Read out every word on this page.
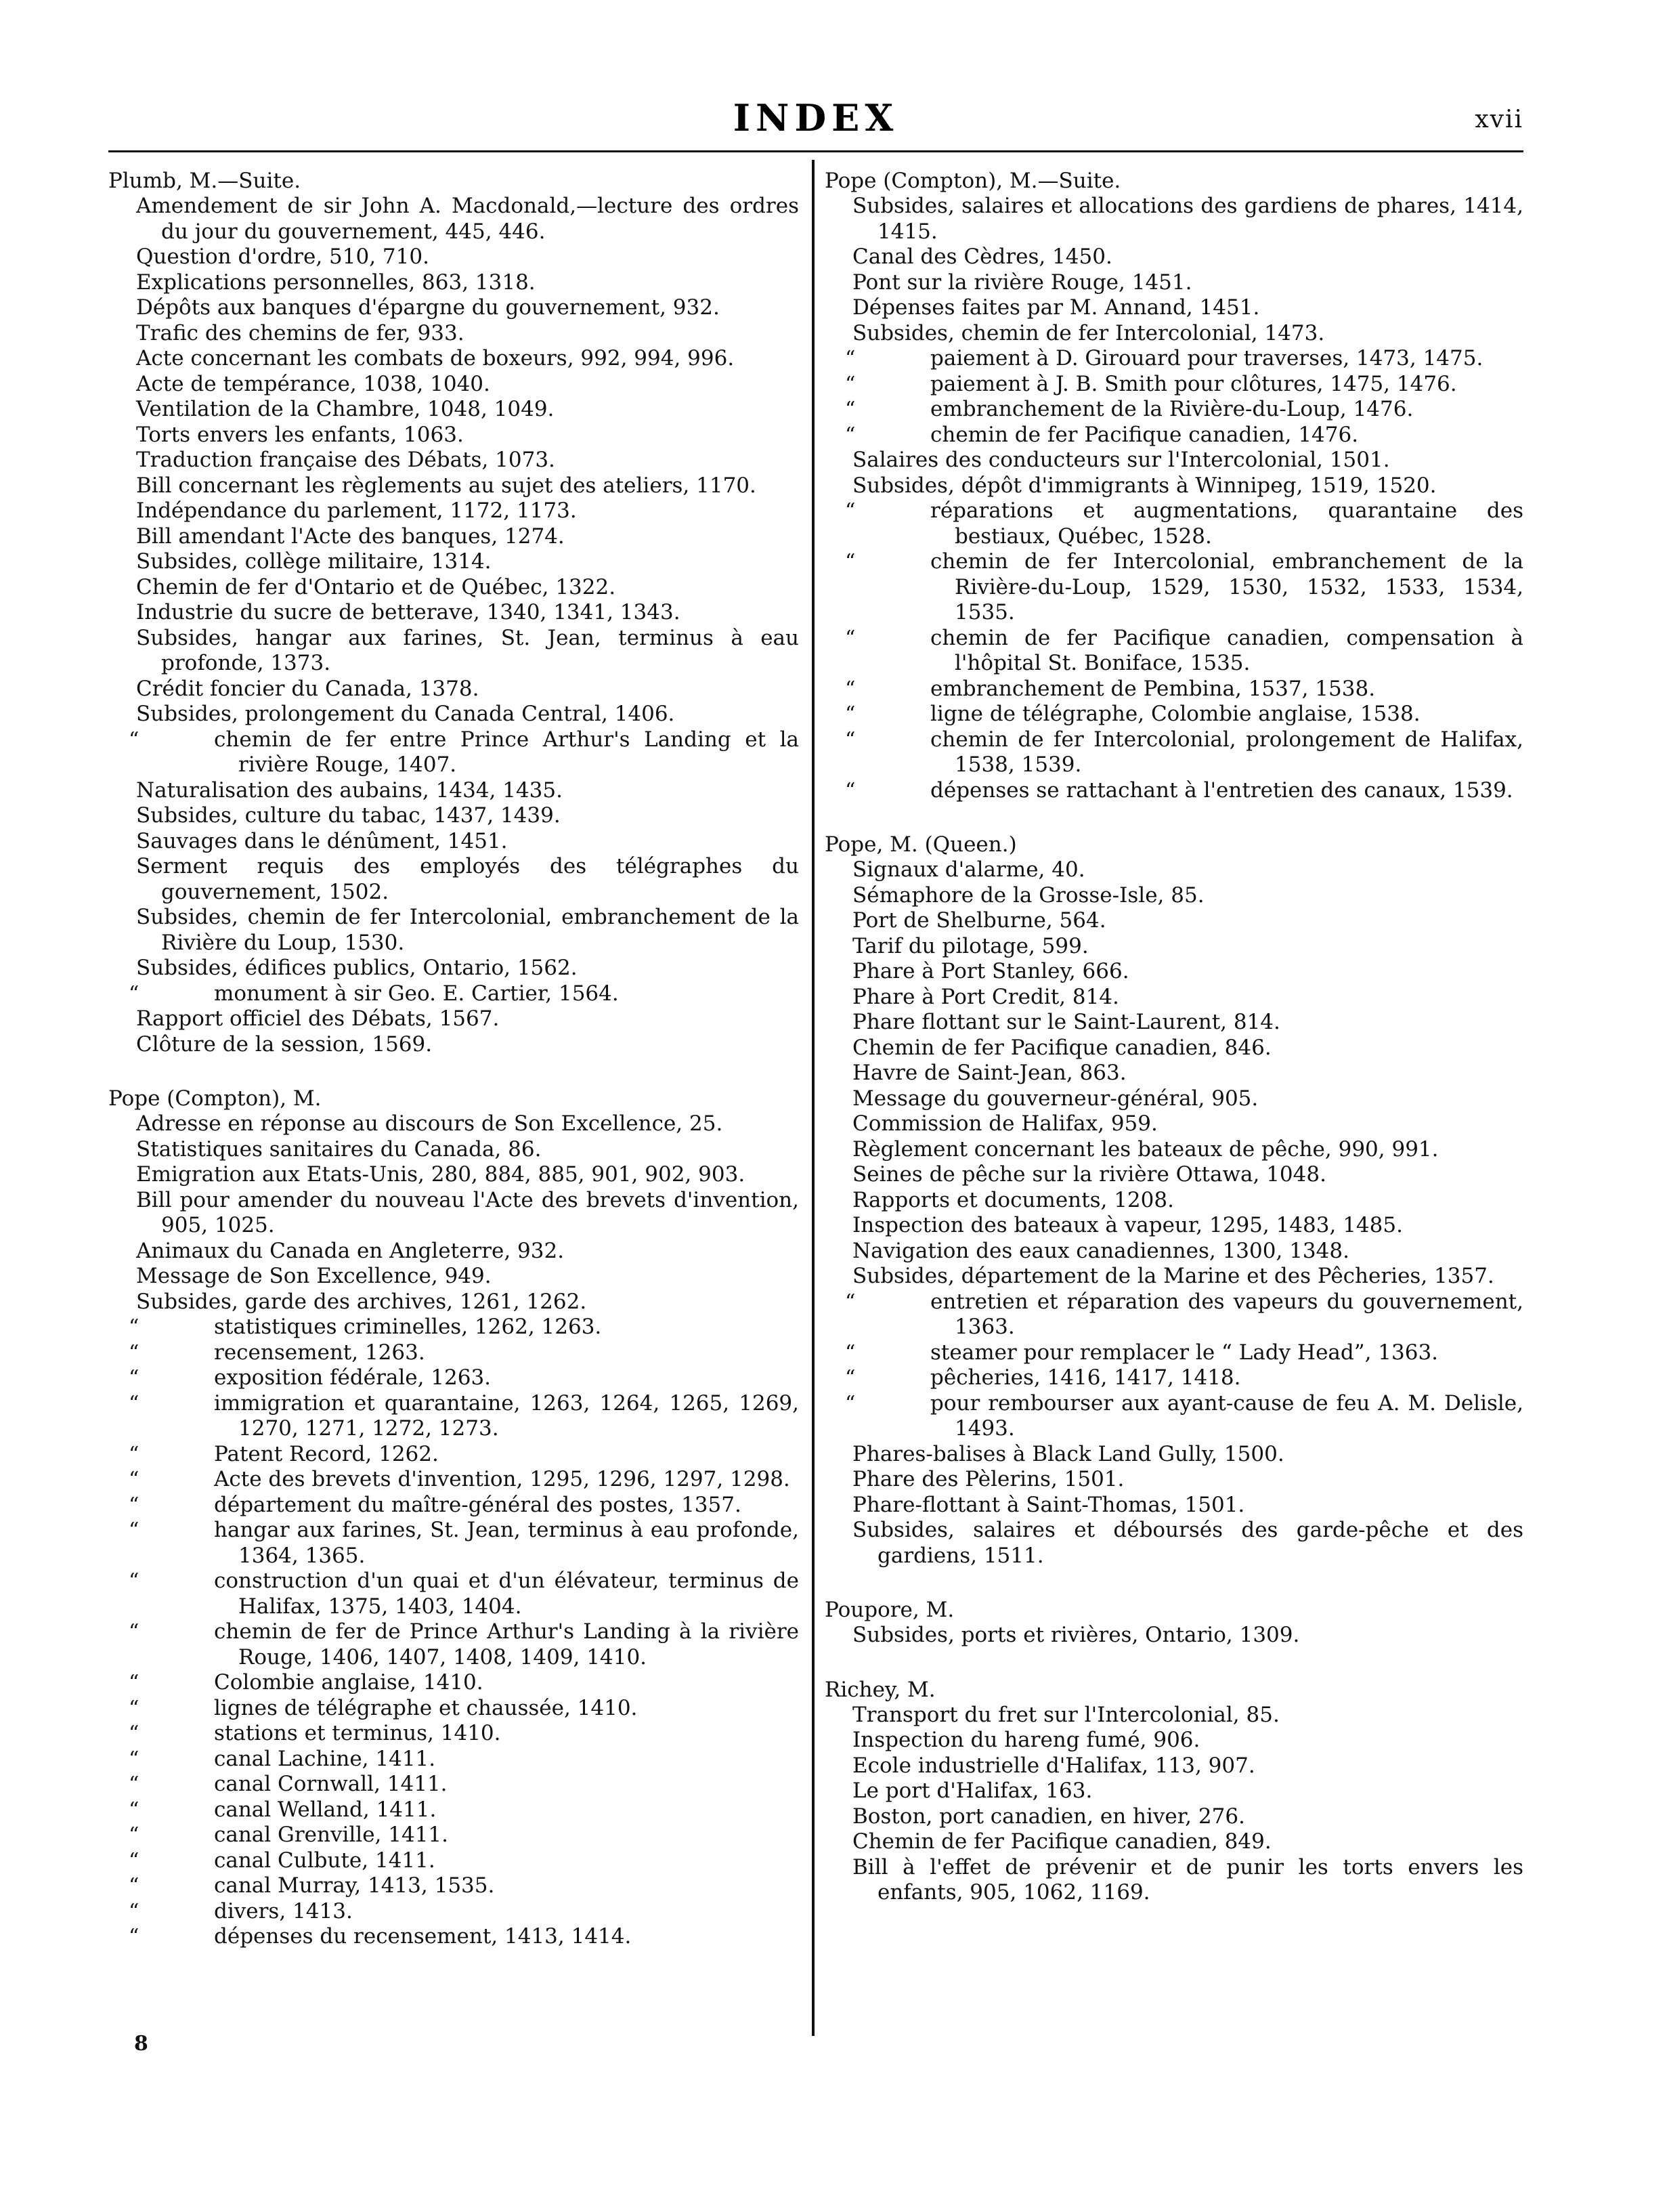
INDEX	xvii
Plumb, M.—Suite.
Amendement de sir John A. Macdonald,—lecture des ordres du jour du gouvernement, 445, 446.
Question d'ordre, 510, 710.
Explications personnelles, 863, 1318.
Dépôts aux banques d'épargne du gouvernement, 932.
Trafic des chemins de fer, 933.
Acte concernant les combats de boxeurs, 992, 994, 996.
Acte de tempérance, 1038, 1040.
Ventilation de la Chambre, 1048, 1049.
Torts envers les enfants, 1063.
Traduction française des Débats, 1073.
Bill concernant les règlements au sujet des ateliers, 1170.
Indépendance du parlement, 1172, 1173.
Bill amendant l'Acte des banques, 1274.
Subsides, collège militaire, 1314.
Chemin de fer d'Ontario et de Québec, 1322.
Industrie du sucre de betterave, 1340, 1341, 1343.
Subsides, hangar aux farines, St. Jean, terminus à eau profonde, 1373.
Crédit foncier du Canada, 1378.
Subsides, prolongement du Canada Central, 1406.
“	chemin de fer entre Prince Arthur's Landing et la rivière Rouge, 1407.
Naturalisation des aubains, 1434, 1435.
Subsides, culture du tabac, 1437, 1439.
Sauvages dans le dénûment, 1451.
Serment requis des employés des télégraphes du gouvernement, 1502.
Subsides, chemin de fer Intercolonial, embranchement de la Rivière du Loup, 1530.
Subsides, édifices publics, Ontario, 1562.
“	monument à sir Geo. E. Cartier, 1564.
Rapport officiel des Débats, 1567.
Clôture de la session, 1569.
Pope (Compton), M.
Adresse en réponse au discours de Son Excellence, 25.
Statistiques sanitaires du Canada, 86.
Emigration aux Etats-Unis, 280, 884, 885, 901, 902, 903.
Bill pour amender du nouveau l'Acte des brevets d'invention, 905, 1025.
Animaux du Canada en Angleterre, 932.
Message de Son Excellence, 949.
Subsides, garde des archives, 1261, 1262.
“	statistiques criminelles, 1262, 1263.
“	recensement, 1263.
“	exposition fédérale, 1263.
“	immigration et quarantaine, 1263, 1264, 1265, 1269, 1270, 1271, 1272, 1273.
“	Patent Record, 1262.
“	Acte des brevets d'invention, 1295, 1296, 1297, 1298.
“	département du maître-général des postes, 1357.
“	hangar aux farines, St. Jean, terminus à eau profonde, 1364, 1365.
“	construction d'un quai et d'un élévateur, terminus de Halifax, 1375, 1403, 1404.
“	chemin de fer de Prince Arthur's Landing à la rivière Rouge, 1406, 1407, 1408, 1409, 1410.
“	Colombie anglaise, 1410.
“	lignes de télégraphe et chaussée, 1410.
“	stations et terminus, 1410.
“	canal Lachine, 1411.
“	canal Cornwall, 1411.
“	canal Welland, 1411.
“	canal Grenville, 1411.
“	canal Culbute, 1411.
“	canal Murray, 1413, 1535.
“	divers, 1413.
“	dépenses du recensement, 1413, 1414.
Pope (Compton), M.—Suite.
Subsides, salaires et allocations des gardiens de phares, 1414, 1415.
Canal des Cèdres, 1450.
Pont sur la rivière Rouge, 1451.
Dépenses faites par M. Annand, 1451.
Subsides, chemin de fer Intercolonial, 1473.
“	paiement à D. Girouard pour traverses, 1473, 1475.
“	paiement à J. B. Smith pour clôtures, 1475, 1476.
“	embranchement de la Rivière-du-Loup, 1476.
“	chemin de fer Pacifique canadien, 1476.
Salaires des conducteurs sur l'Intercolonial, 1501.
Subsides, dépôt d'immigrants à Winnipeg, 1519, 1520.
“	réparations et augmentations, quarantaine des bestiaux, Québec, 1528.
“	chemin de fer Intercolonial, embranchement de la Rivière-du-Loup, 1529, 1530, 1532, 1533, 1534, 1535.
“	chemin de fer Pacifique canadien, compensation à l'hôpital St. Boniface, 1535.
“	embranchement de Pembina, 1537, 1538.
“	ligne de télégraphe, Colombie anglaise, 1538.
“	chemin de fer Intercolonial, prolongement de Halifax, 1538, 1539.
“	dépenses se rattachant à l'entretien des canaux, 1539.
Pope, M. (Queen.)
Signaux d'alarme, 40.
Sémaphore de la Grosse-Isle, 85.
Port de Shelburne, 564.
Tarif du pilotage, 599.
Phare à Port Stanley, 666.
Phare à Port Credit, 814.
Phare flottant sur le Saint-Laurent, 814.
Chemin de fer Pacifique canadien, 846.
Havre de Saint-Jean, 863.
Message du gouverneur-général, 905.
Commission de Halifax, 959.
Règlement concernant les bateaux de pêche, 990, 991.
Seines de pêche sur la rivière Ottawa, 1048.
Rapports et documents, 1208.
Inspection des bateaux à vapeur, 1295, 1483, 1485.
Navigation des eaux canadiennes, 1300, 1348.
Subsides, département de la Marine et des Pêcheries, 1357.
“	entretien et réparation des vapeurs du gouvernement, 1363.
“	steamer pour remplacer le “ Lady Head”, 1363.
“	pêcheries, 1416, 1417, 1418.
“	pour rembourser aux ayant-cause de feu A. M. Delisle, 1493.
Phares-balises à Black Land Gully, 1500.
Phare des Pèlerins, 1501.
Phare-flottant à Saint-Thomas, 1501.
Subsides, salaires et déboursés des garde-pêche et des gardiens, 1511.
Poupore, M.
Subsides, ports et rivières, Ontario, 1309.
Richey, M.
Transport du fret sur l'Intercolonial, 85.
Inspection du hareng fumé, 906.
Ecole industrielle d'Halifax, 113, 907.
Le port d'Halifax, 163.
Boston, port canadien, en hiver, 276.
Chemin de fer Pacifique canadien, 849.
Bill à l'effet de prévenir et de punir les torts envers les enfants, 905, 1062, 1169.
8
